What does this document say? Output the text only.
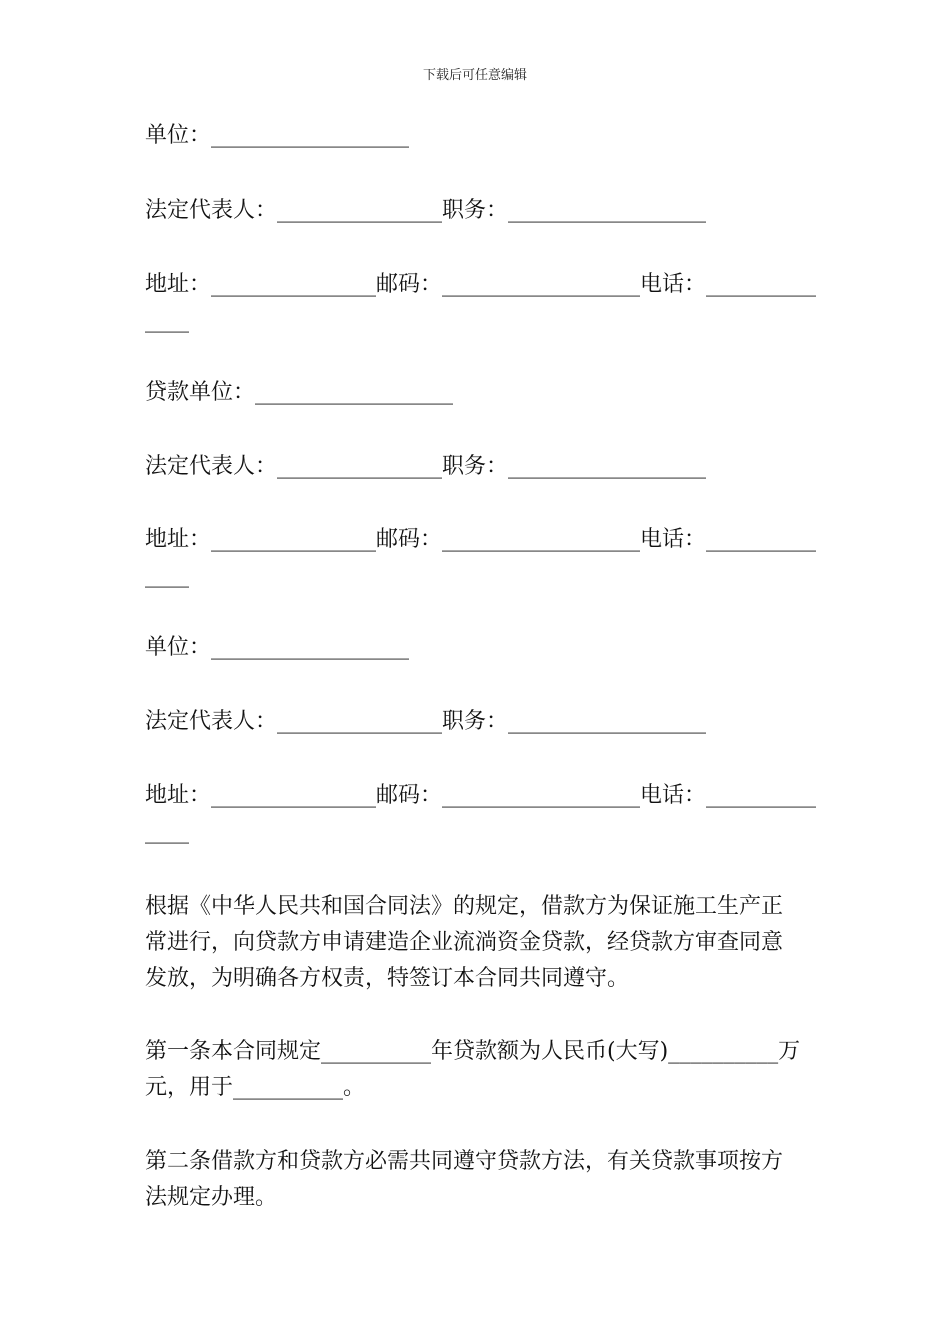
下载后可任意编辑
单位：__________________
法定代表人：_______________职务：__________________
地址：_______________邮码：__________________电话：__________
____
贷款单位：__________________
法定代表人：_______________职务：__________________
地址：_______________邮码：__________________电话：__________
____
单位：__________________
法定代表人：_______________职务：__________________
地址：_______________邮码：__________________电话：__________
____
根据《中华人民共和国合同法》的规定，借款方为保证施工生产正
常进行，向贷款方申请建造企业流淌资金贷款，经贷款方审查同意
发放，为明确各方权责，特签订本合同共同遵守。
第一条本合同规定__________年贷款额为人民币(大写)__________万
元，用于__________。
第二条借款方和贷款方必需共同遵守贷款方法，有关贷款事项按方
法规定办理。
